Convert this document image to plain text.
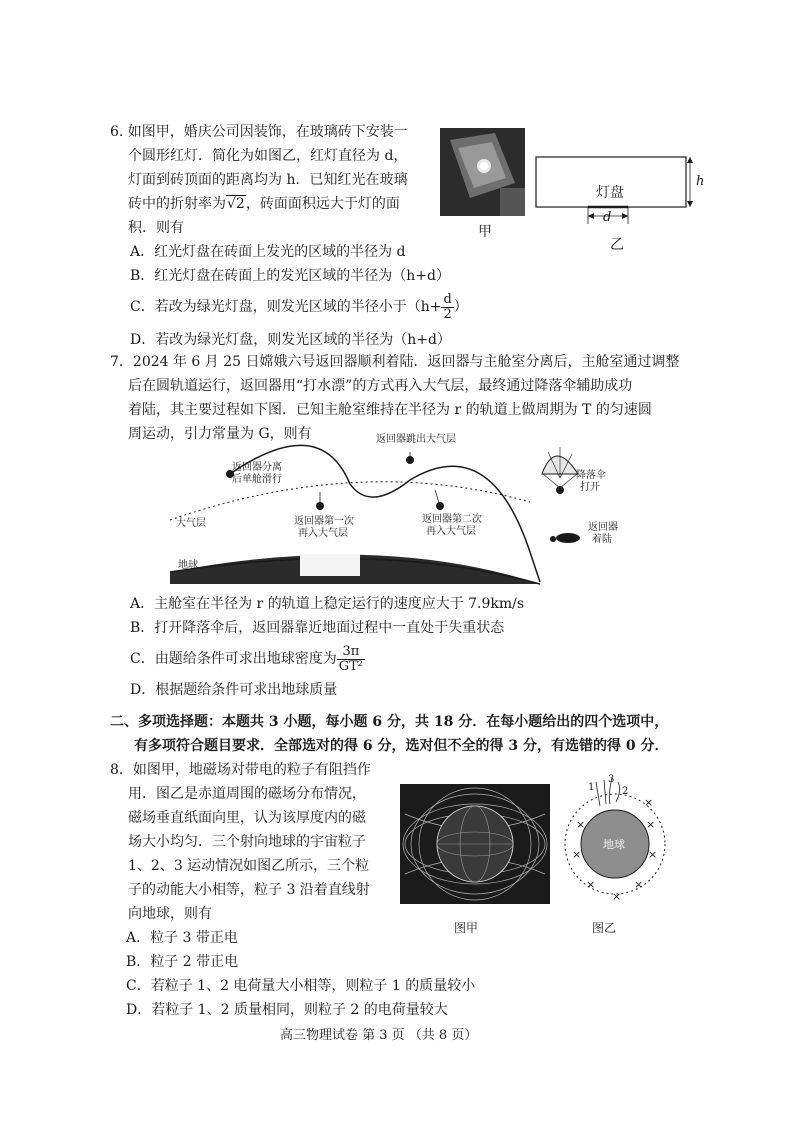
6. 如图甲，婚庆公司因装饰，在玻璃砖下安装一
个圆形红灯．简化为如图乙，红灯直径为 d，
灯面到砖顶面的距离均为 h．已知红光在玻璃
砖中的折射率为√2，砖面面积远大于灯的面
积．则有
A．红光灯盘在砖面上发光的区域的半径为 d
B．红光灯盘在砖面上的发光区域的半径为（h+d）
C．若改为绿光灯盘，则发光区域的半径小于（$h+ \frac{d}{2}$ ）
D．若改为绿光灯盘，则发光区域的半径为（h+d）
甲
灯盘
d
h
乙
7．2024 年 6 月 25 日嫦娥六号返回器顺利着陆．返回器与主舱室分离后，主舱室通过调整
后在圆轨道运行，返回器用“打水漂”的方式再入大气层，最终通过降落伞辅助成功
着陆，其主要过程如下图．已知主舱室维持在半径为 r 的轨道上做周期为 T 的匀速圆
周运动，引力常量为 G，则有	返回器跳出大气层
返回器分离
后单舱滑行	降落伞
打开
大气层	返回器第一次
再入大气层
返回器第二次
再入大气层	返回器
着陆
地球
A．主舱室在半径为 r 的轨道上稳定运行的速度应大于 7.9km/s
B．打开降落伞后，返回器靠近地面过程中一直处于失重状态
C．由题给条件可求出地球密度为 $\frac{3\pi}{\text{GT²}}$
D．根据题给条件可求出地球质量
二、多项选择题：本题共 3 小题，每小题 6 分，共 18 分．在每小题给出的四个选项中，
有多项符合题目要求．全部选对的得 6 分，选对但不全的得 3 分，有选错的得 0 分．
8．如图甲，地磁场对带电的粒子有阻挡作
用．图乙是赤道周围的磁场分布情况，
磁场垂直纸面向里，认为该厚度内的磁
场大小均匀．三个射向地球的宇宙粒子
1、2、3 运动情况如图乙所示，三个粒
子的动能大小相等，粒子 3 沿着直线射
向地球，则有
A．粒子 3 带正电
B．粒子 2 带正电
C．若粒子 1、2 电荷量大小相等，则粒子 1 的质量较小
D．若粒子 1、2 质量相同，则粒子 2 的电荷量较大
图甲
×	×
×	×
×	×
×
×
地球
1	2
3
图乙
高三物理试卷 第 3 页 （共 8 页）
